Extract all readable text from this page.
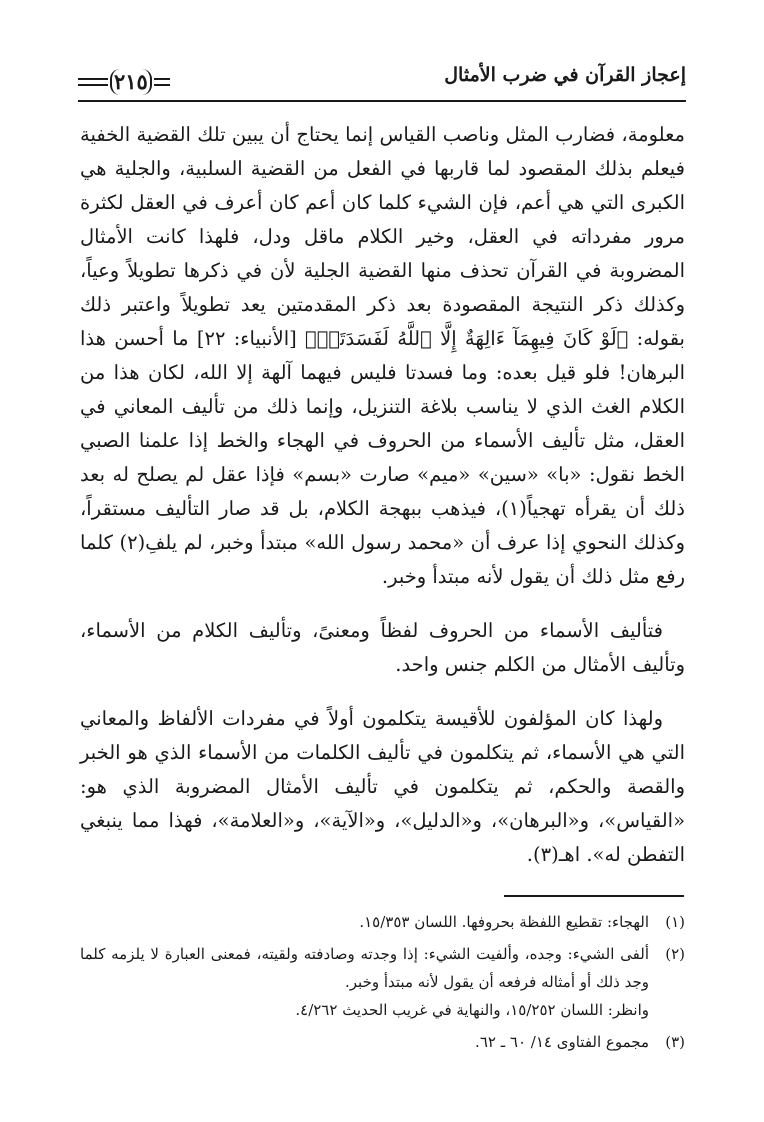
إعجاز القرآن في ضرب الأمثال
٢١٥

معلومة، فضارب المثل وناصب القياس إنما يحتاج أن يبين تلك القضية الخفية فيعلم بذلك المقصود لما قاربها في الفعل من القضية السلبية، والجلية هي الكبرى التي هي أعم، فإن الشيء كلما كان أعم كان أعرف في العقل لكثرة مرور مفرداته في العقل، وخير الكلام ماقل ودل، فلهذا كانت الأمثال المضروبة في القرآن تحذف منها القضية الجلية لأن في ذكرها تطويلاً وعياً، وكذلك ذكر النتيجة المقصودة بعد ذكر المقدمتين يعد تطويلاً واعتبر ذلك بقوله: ﴿لَوْ كَانَ فِيهِمَآ ءَالِهَةٌ إِلَّا ٱللَّهُ لَفَسَدَتَاۚ﴾ [الأنبياء: ٢٢] ما أحسن هذا البرهان! فلو قيل بعده: وما فسدتا فليس فيهما آلهة إلا الله، لكان هذا من الكلام الغث الذي لا يناسب بلاغة التنزيل، وإنما ذلك من تأليف المعاني في العقل، مثل تأليف الأسماء من الحروف في الهجاء والخط إذا علمنا الصبي الخط نقول: «با» «سين» «ميم» صارت «بسم» فإذا عقل لم يصلح له بعد ذلك أن يقرأه تهجياً(١)، فيذهب ببهجة الكلام، بل قد صار التأليف مستقراً، وكذلك النحوي إذا عرف أن «محمد رسول الله» مبتدأ وخبر، لم يلفِ(٢) كلما رفع مثل ذلك أن يقول لأنه مبتدأ وخبر.

فتأليف الأسماء من الحروف لفظاً ومعنىً، وتأليف الكلام من الأسماء، وتأليف الأمثال من الكلم جنس واحد.

ولهذا كان المؤلفون للأقيسة يتكلمون أولاً في مفردات الألفاظ والمعاني التي هي الأسماء، ثم يتكلمون في تأليف الكلمات من الأسماء الذي هو الخبر والقصة والحكم، ثم يتكلمون في تأليف الأمثال المضروبة الذي هو: «القياس»، و«البرهان»، و«الدليل»، و«الآية»، و«العلامة»، فهذا مما ينبغي التفطن له». اهـ(٣).

(١)
الهجاء: تقطيع اللفظة بحروفها. اللسان ١٥/٣٥٣.
(٢)
ألفى الشيء: وجده، وألفيت الشيء: إذا وجدته وصادفته ولقيته، فمعنى العبارة لا يلزمه كلما وجد ذلك أو أمثاله فرفعه أن يقول لأنه مبتدأ وخبر.
وانظر: اللسان ١٥/٢٥٢، والنهاية في غريب الحديث ٤/٢٦٢.
(٣)
مجموع الفتاوى ١٤/ ٦٠ ـ ٦٢.
